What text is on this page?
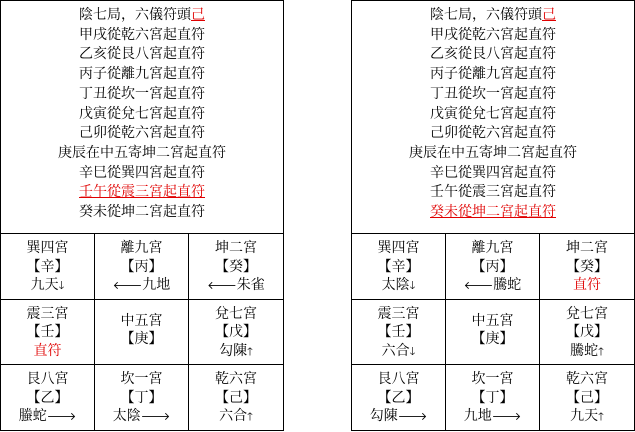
陰七局，六儀符頭己
甲戌從乾六宮起直符
乙亥從艮八宮起直符
丙子從離九宮起直符
丁丑從坎一宮起直符
戊寅從兌七宮起直符
己卯從乾六宮起直符
庚辰在中五寄坤二宮起直符
辛巳從巽四宮起直符
壬午從震三宮起直符
癸未從坤二宮起直符
巽四宮
【辛】
九天🡓
離九宮
【丙】
🡐九地
坤二宮
【癸】
🡐朱雀
震三宮
【壬】
直符
中五宮
【庚】
兌七宮
【戊】
勾陳🡑
艮八宮
【乙】
螣蛇🡒
坎一宮
【丁】
太陰🡒
乾六宮
【己】
六合🡑
陰七局，六儀符頭己
甲戌從乾六宮起直符
乙亥從艮八宮起直符
丙子從離九宮起直符
丁丑從坎一宮起直符
戊寅從兌七宮起直符
己卯從乾六宮起直符
庚辰在中五寄坤二宮起直符
辛巳從巽四宮起直符
壬午從震三宮起直符
癸未從坤二宮起直符
巽四宮
【辛】
太陰🡓
離九宮
【丙】
🡐騰蛇
坤二宮
【癸】
直符
震三宮
【壬】
六合🡓
中五宮
【庚】
兌七宮
【戊】
騰蛇🡑
艮八宮
【乙】
勾陳🡒
坎一宮
【丁】
九地🡒
乾六宮
【己】
九天🡑
